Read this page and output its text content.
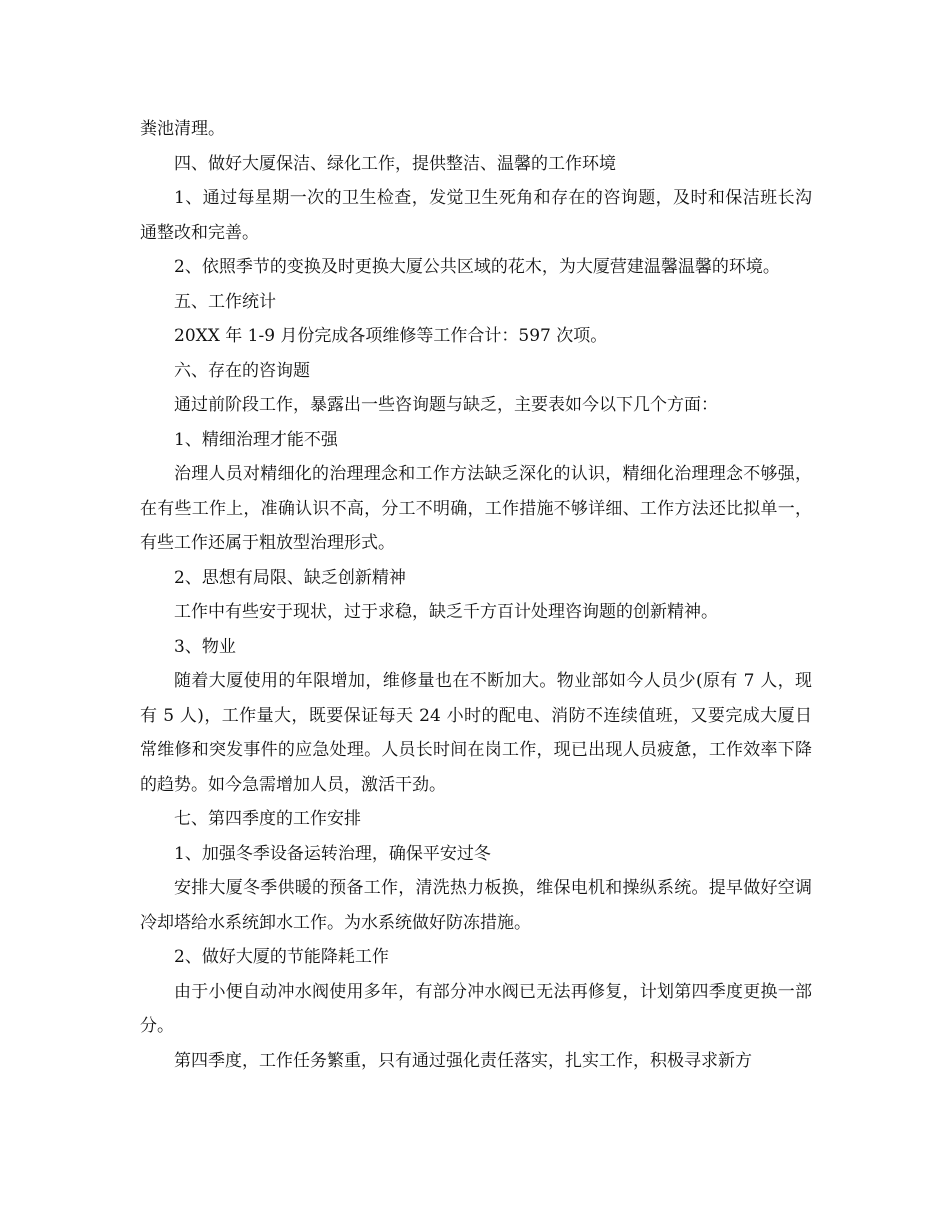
粪池清理。

四、做好大厦保洁、绿化工作，提供整洁、温馨的工作环境

1、通过每星期一次的卫生检查，发觉卫生死角和存在的咨询题，及时和保洁班长沟通整改和完善。

2、依照季节的变换及时更换大厦公共区域的花木，为大厦营建温馨温馨的环境。

五、工作统计

20XX 年 1-9 月份完成各项维修等工作合计：597 次项。

六、存在的咨询题

通过前阶段工作，暴露出一些咨询题与缺乏，主要表如今以下几个方面：

1、精细治理才能不强

治理人员对精细化的治理理念和工作方法缺乏深化的认识，精细化治理理念不够强，在有些工作上，准确认识不高，分工不明确，工作措施不够详细、工作方法还比拟单一，有些工作还属于粗放型治理形式。

2、思想有局限、缺乏创新精神

工作中有些安于现状，过于求稳，缺乏千方百计处理咨询题的创新精神。

3、物业

随着大厦使用的年限增加，维修量也在不断加大。物业部如今人员少(原有 7 人，现有 5 人)，工作量大，既要保证每天 24 小时的配电、消防不连续值班，又要完成大厦日常维修和突发事件的应急处理。人员长时间在岗工作，现已出现人员疲惫，工作效率下降的趋势。如今急需增加人员，激活干劲。

七、第四季度的工作安排

1、加强冬季设备运转治理，确保平安过冬

安排大厦冬季供暖的预备工作，清洗热力板换，维保电机和操纵系统。提早做好空调冷却塔给水系统卸水工作。为水系统做好防冻措施。

2、做好大厦的节能降耗工作

由于小便自动冲水阀使用多年，有部分冲水阀已无法再修复，计划第四季度更换一部分。

第四季度，工作任务繁重，只有通过强化责任落实，扎实工作，积极寻求新方
